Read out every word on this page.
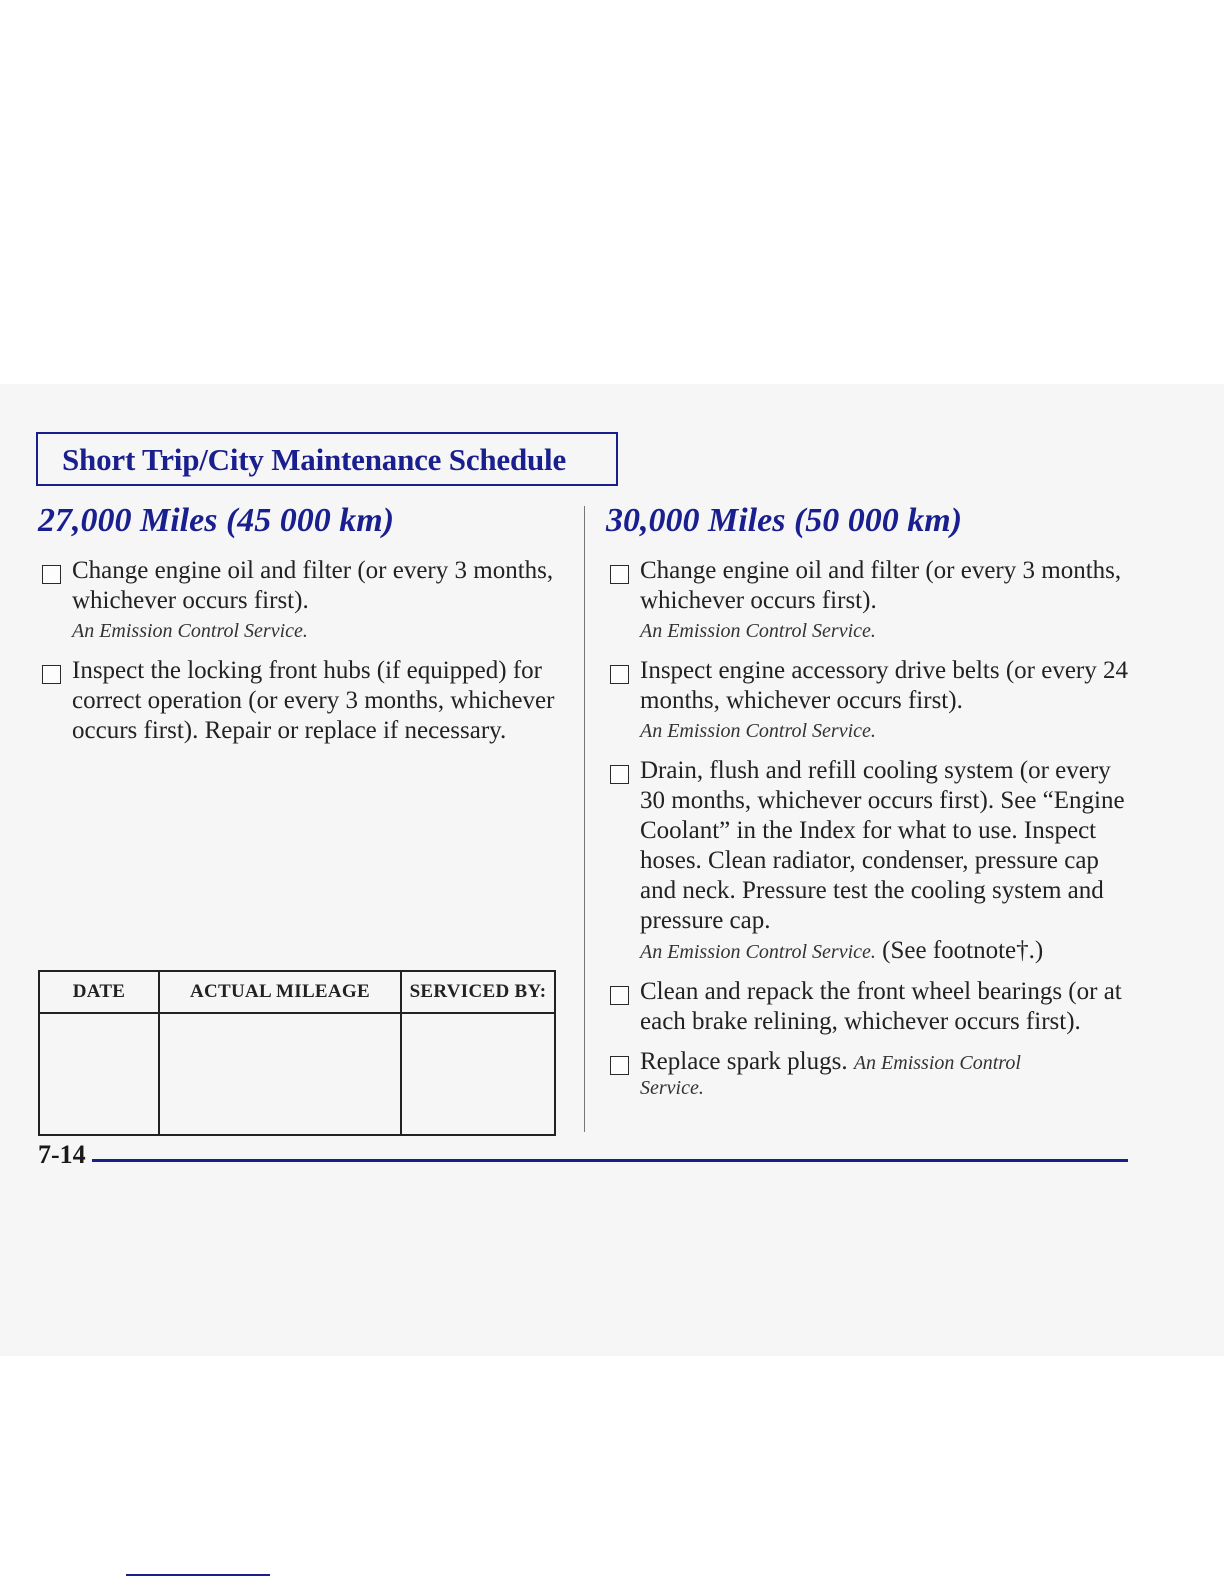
Short Trip/City Maintenance Schedule
27,000 Miles (45 000 km)
Change engine oil and filter (or every 3 months, whichever occurs first).
An Emission Control Service.
Inspect the locking front hubs (if equipped) for correct operation (or every 3 months, whichever occurs first). Repair or replace if necessary.
30,000 Miles (50 000 km)
Change engine oil and filter (or every 3 months, whichever occurs first).
An Emission Control Service.
Inspect engine accessory drive belts (or every 24 months, whichever occurs first).
An Emission Control Service.
Drain, flush and refill cooling system (or every 30 months, whichever occurs first). See “Engine Coolant” in the Index for what to use. Inspect hoses. Clean radiator, condenser, pressure cap and neck. Pressure test the cooling system and pressure cap.
An Emission Control Service. (See footnote†.)
Clean and repack the front wheel bearings (or at each brake relining, whichever occurs first).
Replace spark plugs. An Emission Control Service.
DATE	ACTUAL MILEAGE	SERVICED BY:

7-14
